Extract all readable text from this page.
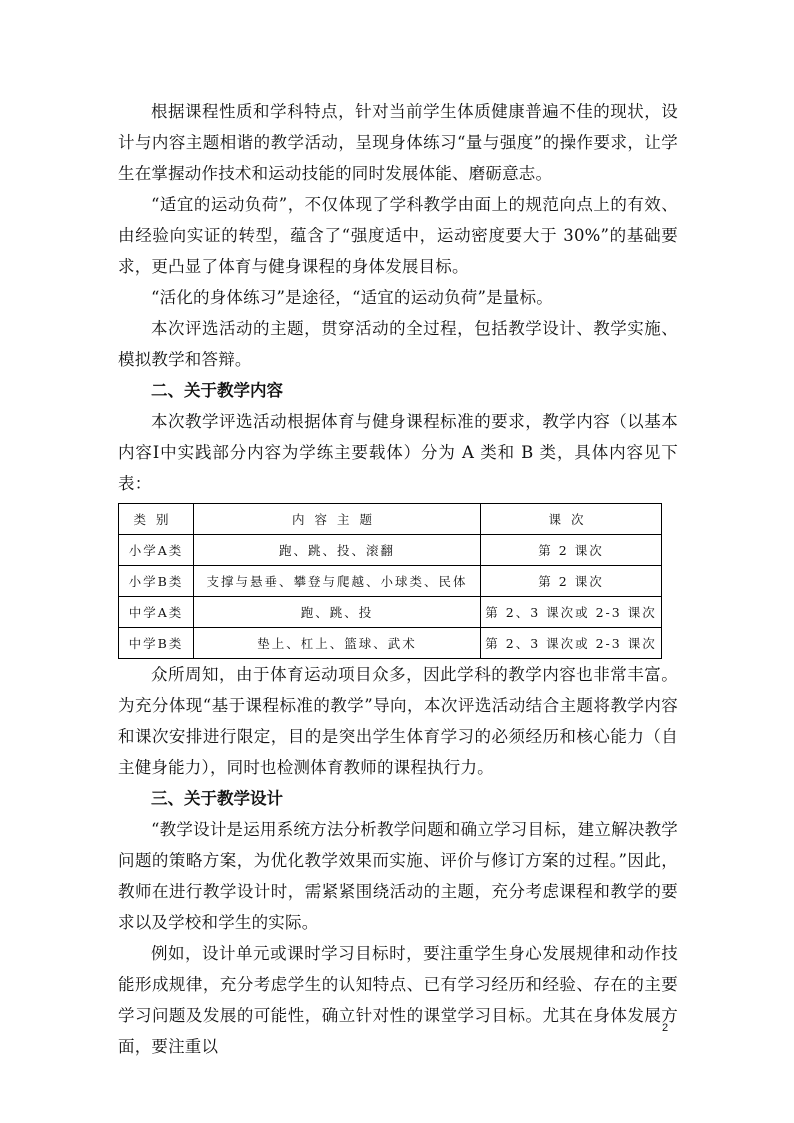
根据课程性质和学科特点，针对当前学生体质健康普遍不佳的现状，设计与内容主题相谐的教学活动，呈现身体练习“量与强度”的操作要求，让学生在掌握动作技术和运动技能的同时发展体能、磨砺意志。

“适宜的运动负荷”，不仅体现了学科教学由面上的规范向点上的有效、由经验向实证的转型，蕴含了“强度适中，运动密度要大于 30%”的基础要求，更凸显了体育与健身课程的身体发展目标。

“活化的身体练习”是途径，“适宜的运动负荷”是量标。

本次评选活动的主题，贯穿活动的全过程，包括教学设计、教学实施、模拟教学和答辩。

二、关于教学内容

本次教学评选活动根据体育与健身课程标准的要求，教学内容（以基本内容Ⅰ中实践部分内容为学练主要载体）分为 A 类和 B 类，具体内容见下表：

类别	内容主题	课次
小学A类	跑、跳、投、滚翻	第 2 课次
小学B类	支撑与悬垂、攀登与爬越、小球类、民体	第 2 课次
中学A类	跑、跳、投	第 2、3 课次或 2-3 课次
中学B类	垫上、杠上、篮球、武术	第 2、3 课次或 2-3 课次

众所周知，由于体育运动项目众多，因此学科的教学内容也非常丰富。为充分体现“基于课程标准的教学”导向，本次评选活动结合主题将教学内容和课次安排进行限定，目的是突出学生体育学习的必须经历和核心能力（自主健身能力），同时也检测体育教师的课程执行力。

三、关于教学设计

“教学设计是运用系统方法分析教学问题和确立学习目标，建立解决教学问题的策略方案，为优化教学效果而实施、评价与修订方案的过程。”因此，教师在进行教学设计时，需紧紧围绕活动的主题，充分考虑课程和教学的要求以及学校和学生的实际。

例如，设计单元或课时学习目标时，要注重学生身心发展规律和动作技能形成规律，充分考虑学生的认知特点、已有学习经历和经验、存在的主要学习问题及发展的可能性，确立针对性的课堂学习目标。尤其在身体发展方面，要注重以

2
